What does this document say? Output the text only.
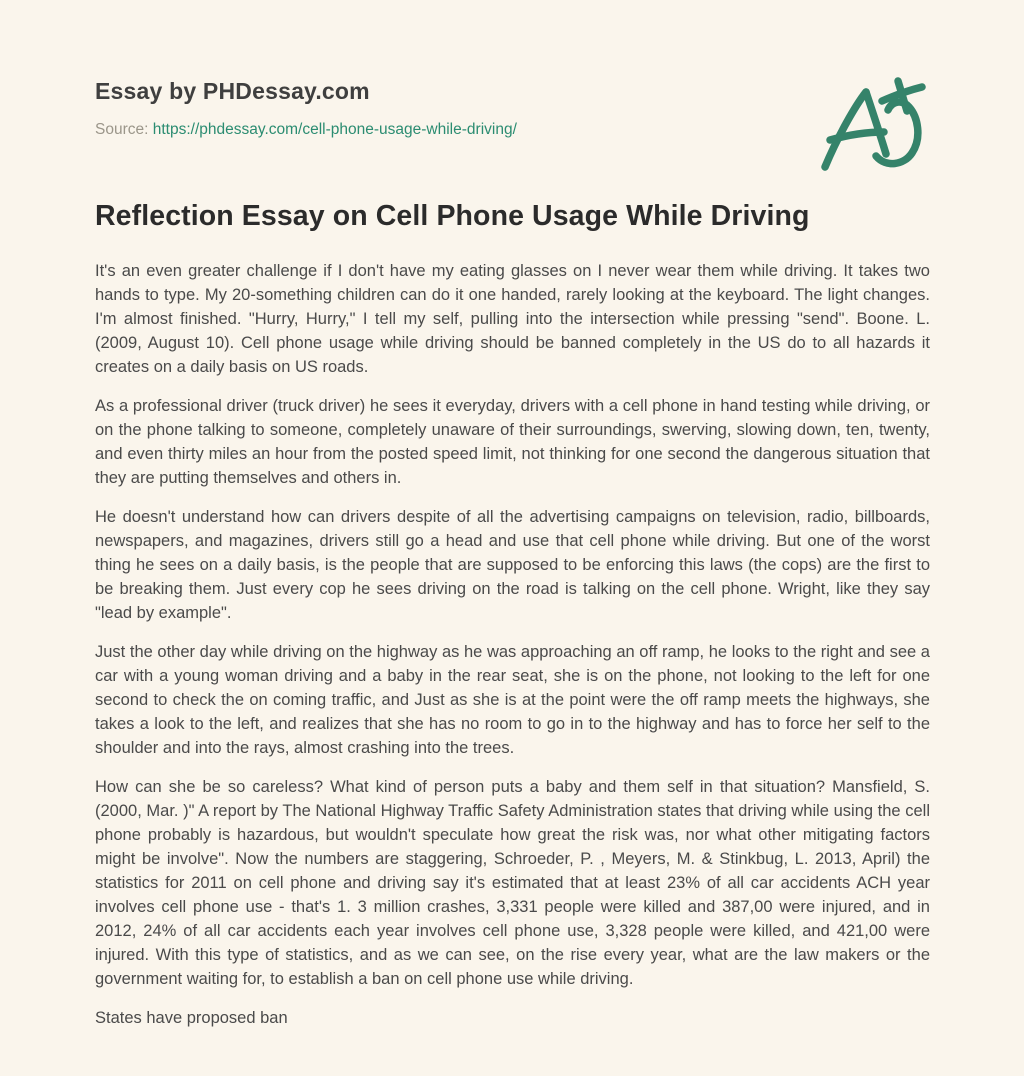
Essay by PHDessay.com
Source: https://phdessay.com/cell-phone-usage-while-driving/
Reflection Essay on Cell Phone Usage While Driving

It's an even greater challenge if I don't have my eating glasses on I never wear them while driving. It takes two hands to type. My 20-something children can do it one handed, rarely looking at the keyboard. The light changes. I'm almost finished. "Hurry, Hurry," I tell my self, pulling into the intersection while pressing "send". Boone. L. (2009, August 10). Cell phone usage while driving should be banned completely in the US do to all hazards it creates on a daily basis on US roads.

As a professional driver (truck driver) he sees it everyday, drivers with a cell phone in hand testing while driving, or on the phone talking to someone, completely unaware of their surroundings, swerving, slowing down, ten, twenty, and even thirty miles an hour from the posted speed limit, not thinking for one second the dangerous situation that they are putting themselves and others in.

He doesn't understand how can drivers despite of all the advertising campaigns on television, radio, billboards, newspapers, and magazines, drivers still go a head and use that cell phone while driving. But one of the worst thing he sees on a daily basis, is the people that are supposed to be enforcing this laws (the cops) are the first to be breaking them. Just every cop he sees driving on the road is talking on the cell phone. Wright, like they say "lead by example".

Just the other day while driving on the highway as he was approaching an off ramp, he looks to the right and see a car with a young woman driving and a baby in the rear seat, she is on the phone, not looking to the left for one second to check the on coming traffic, and Just as she is at the point were the off ramp meets the highways, she takes a look to the left, and realizes that she has no room to go in to the highway and has to force her self to the shoulder and into the rays, almost crashing into the trees.

How can she be so careless? What kind of person puts a baby and them self in that situation? Mansfield, S. (2000, Mar. )" A report by The National Highway Traffic Safety Administration states that driving while using the cell phone probably is hazardous, but wouldn't speculate how great the risk was, nor what other mitigating factors might be involve". Now the numbers are staggering, Schroeder, P. , Meyers, M. & Stinkbug, L. 2013, April) the statistics for 2011 on cell phone and driving say it's estimated that at least 23% of all car accidents ACH year involves cell phone use - that's 1. 3 million crashes, 3,331 people were killed and 387,00 were injured, and in 2012, 24% of all car accidents each year involves cell phone use, 3,328 people were killed, and 421,00 were injured. With this type of statistics, and as we can see, on the rise every year, what are the law makers or the government waiting for, to establish a ban on cell phone use while driving.

States have proposed ban
